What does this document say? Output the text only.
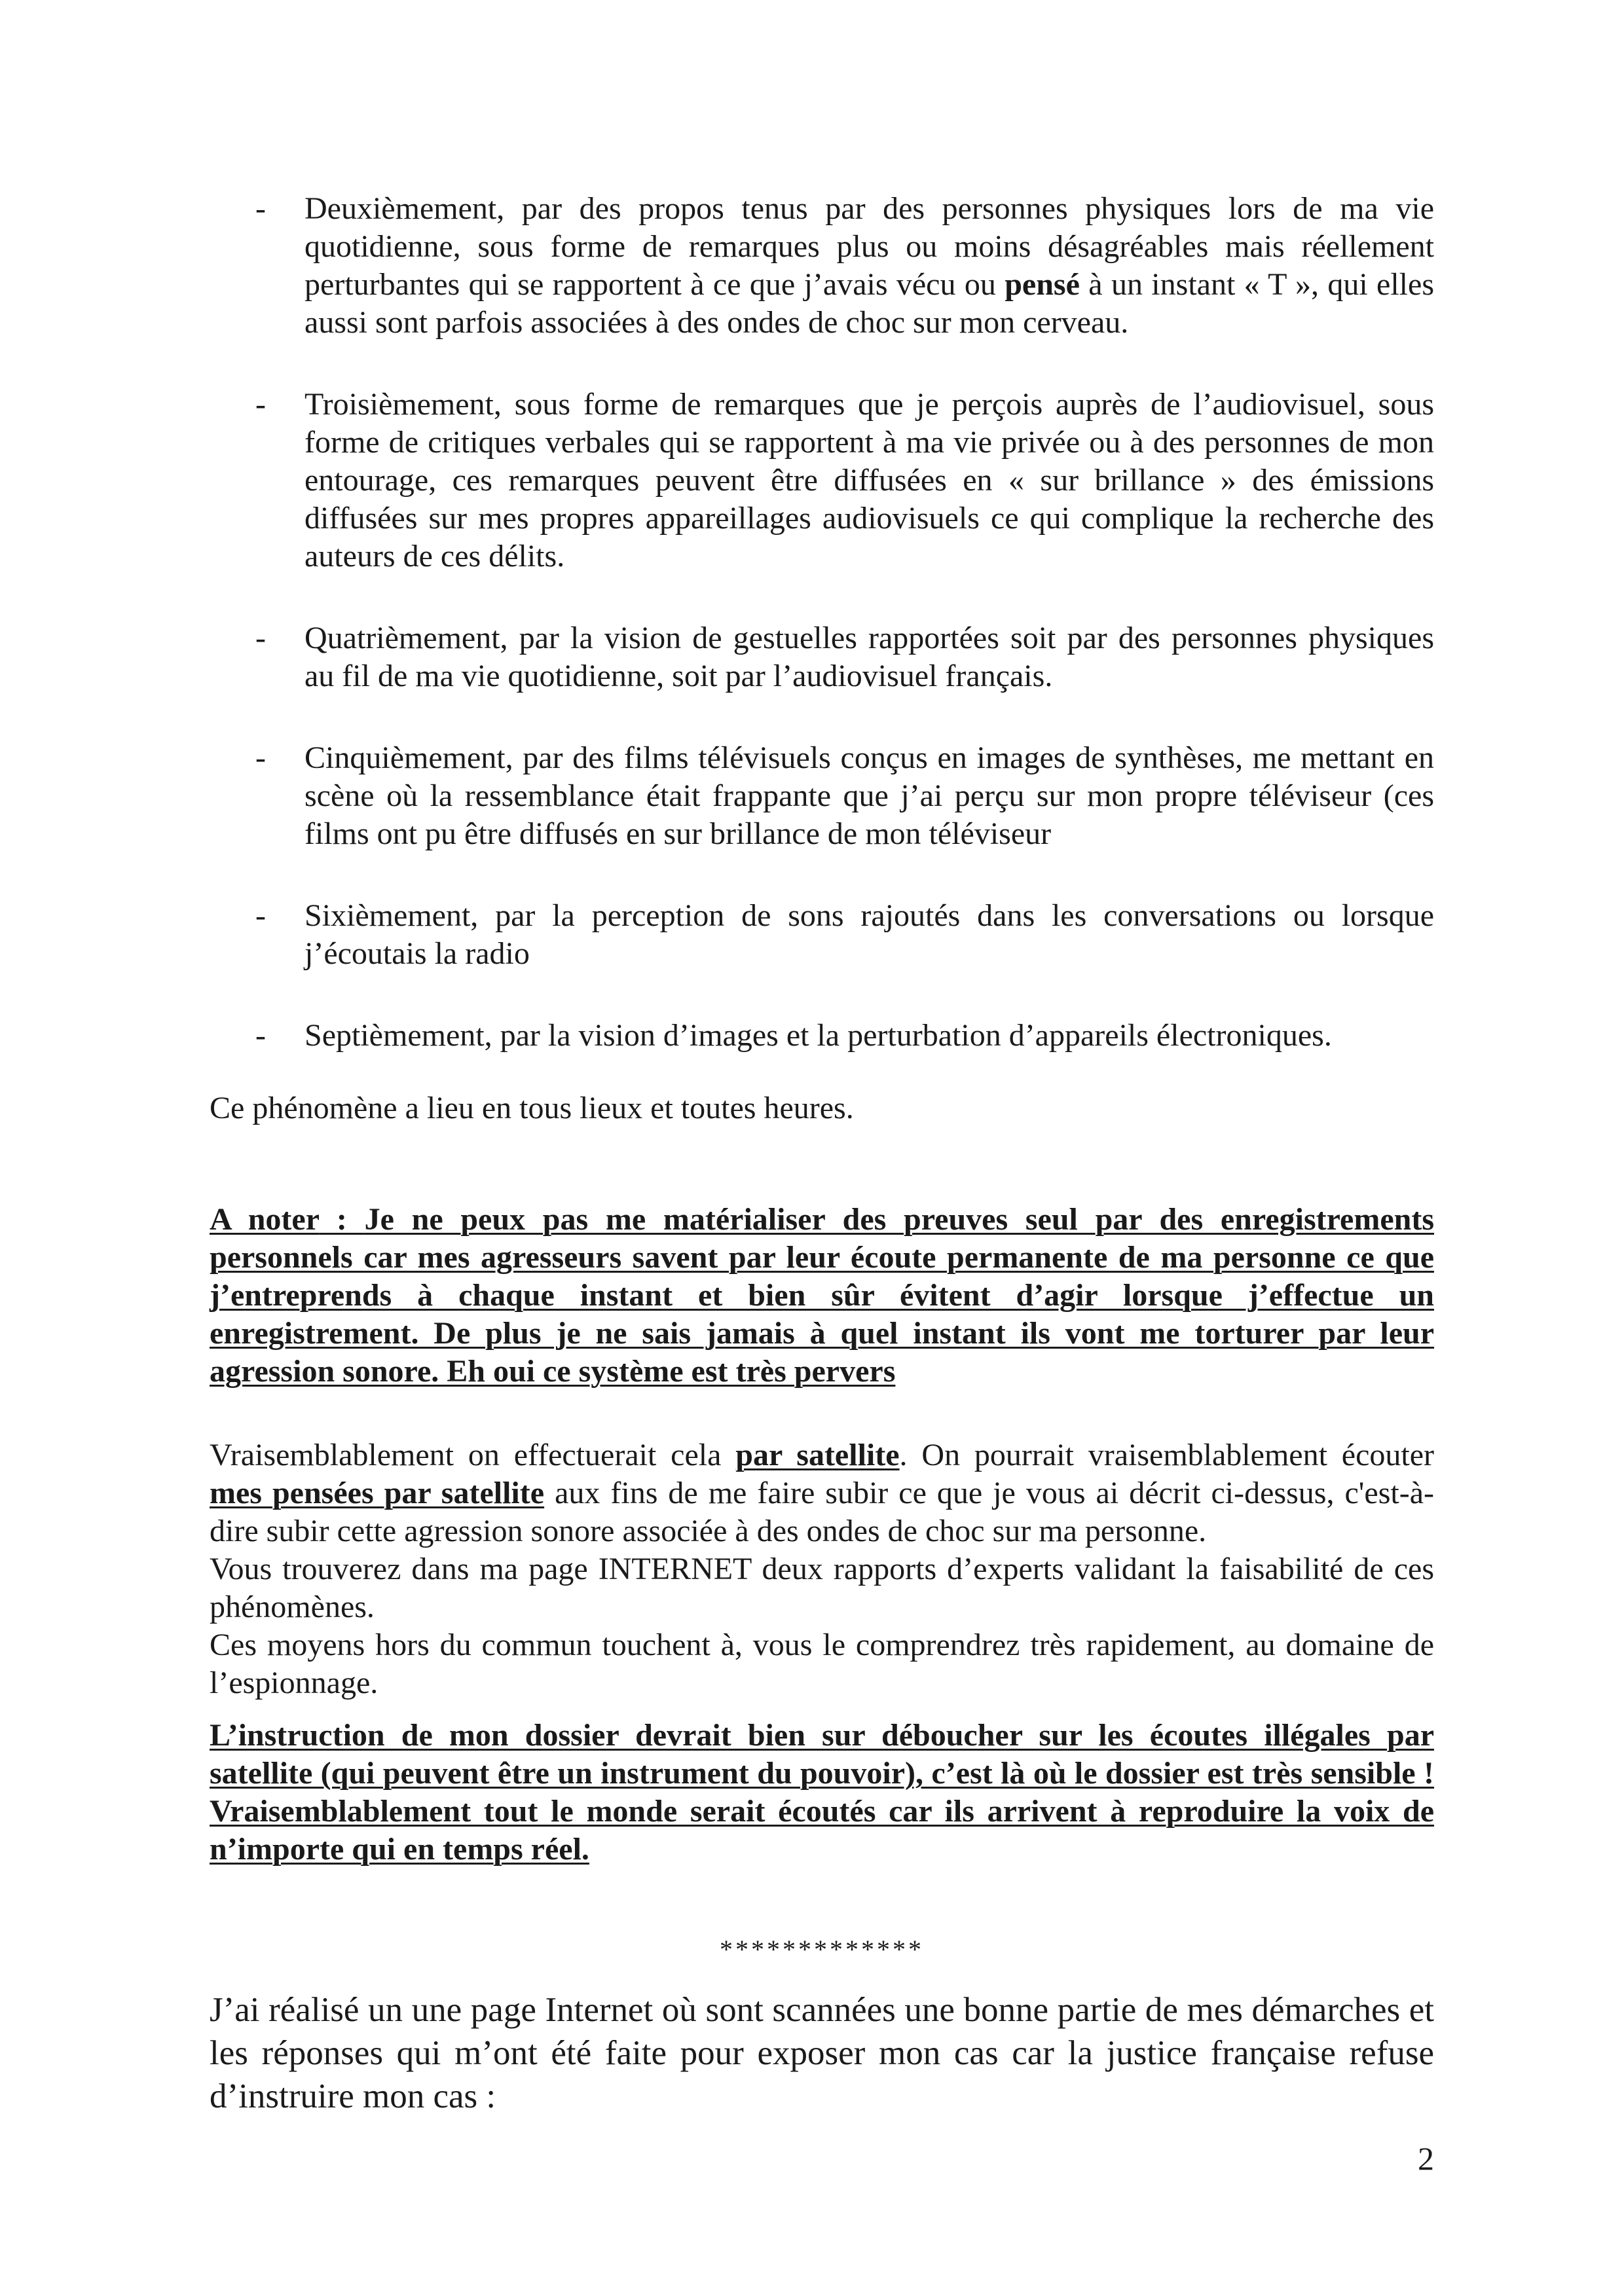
- Deuxièmement, par des propos tenus par des personnes physiques lors de ma vie quotidienne, sous forme de remarques plus ou moins désagréables mais réellement perturbantes qui se rapportent à ce que j’avais vécu ou pensé à un instant « T », qui elles aussi sont parfois associées à des ondes de choc sur mon cerveau.
- Troisièmement, sous forme de remarques que je perçois auprès de l’audiovisuel, sous forme de critiques verbales qui se rapportent à ma vie privée ou à des personnes de mon entourage, ces remarques peuvent être diffusées en « sur brillance » des émissions diffusées sur mes propres appareillages audiovisuels ce qui complique la recherche des auteurs de ces délits.
- Quatrièmement, par la vision de gestuelles rapportées soit par des personnes physiques au fil de ma vie quotidienne, soit par l’audiovisuel français.
- Cinquièmement, par des films télévisuels conçus en images de synthèses, me mettant en scène où la ressemblance était frappante que j’ai perçu sur mon propre téléviseur (ces films ont pu être diffusés en sur brillance de mon téléviseur
- Sixièmement, par la perception de sons rajoutés dans les conversations ou lorsque j’écoutais la radio
- Septièmement, par la vision d’images et la perturbation d’appareils électroniques.

Ce phénomène a lieu en tous lieux et toutes heures.

A noter : Je ne peux pas me matérialiser des preuves seul par des enregistrements personnels car mes agresseurs savent par leur écoute permanente de ma personne ce que j’entreprends à chaque instant et bien sûr évitent d’agir lorsque j’effectue un enregistrement. De plus je ne sais jamais à quel instant ils vont me torturer par leur agression sonore. Eh oui ce système est très pervers

Vraisemblablement on effectuerait cela par satellite. On pourrait vraisemblablement écouter mes pensées par satellite aux fins de me faire subir ce que je vous ai décrit ci-dessus, c'est-à-dire subir cette agression sonore associée à des ondes de choc sur ma personne.

Vous trouverez dans ma page INTERNET deux rapports d’experts validant la faisabilité de ces phénomènes.

Ces moyens hors du commun touchent à, vous le comprendrez très rapidement, au domaine de l’espionnage.

L’instruction de mon dossier devrait bien sur déboucher sur les écoutes illégales par satellite (qui peuvent être un instrument du pouvoir), c’est là où le dossier est très sensible ! Vraisemblablement tout le monde serait écoutés car ils arrivent à reproduire la voix de n’importe qui en temps réel.

*************

J’ai réalisé un une page Internet où sont scannées une bonne partie de mes démarches et les réponses qui m’ont été faite pour exposer mon cas car la justice française refuse d’instruire mon cas :

2
